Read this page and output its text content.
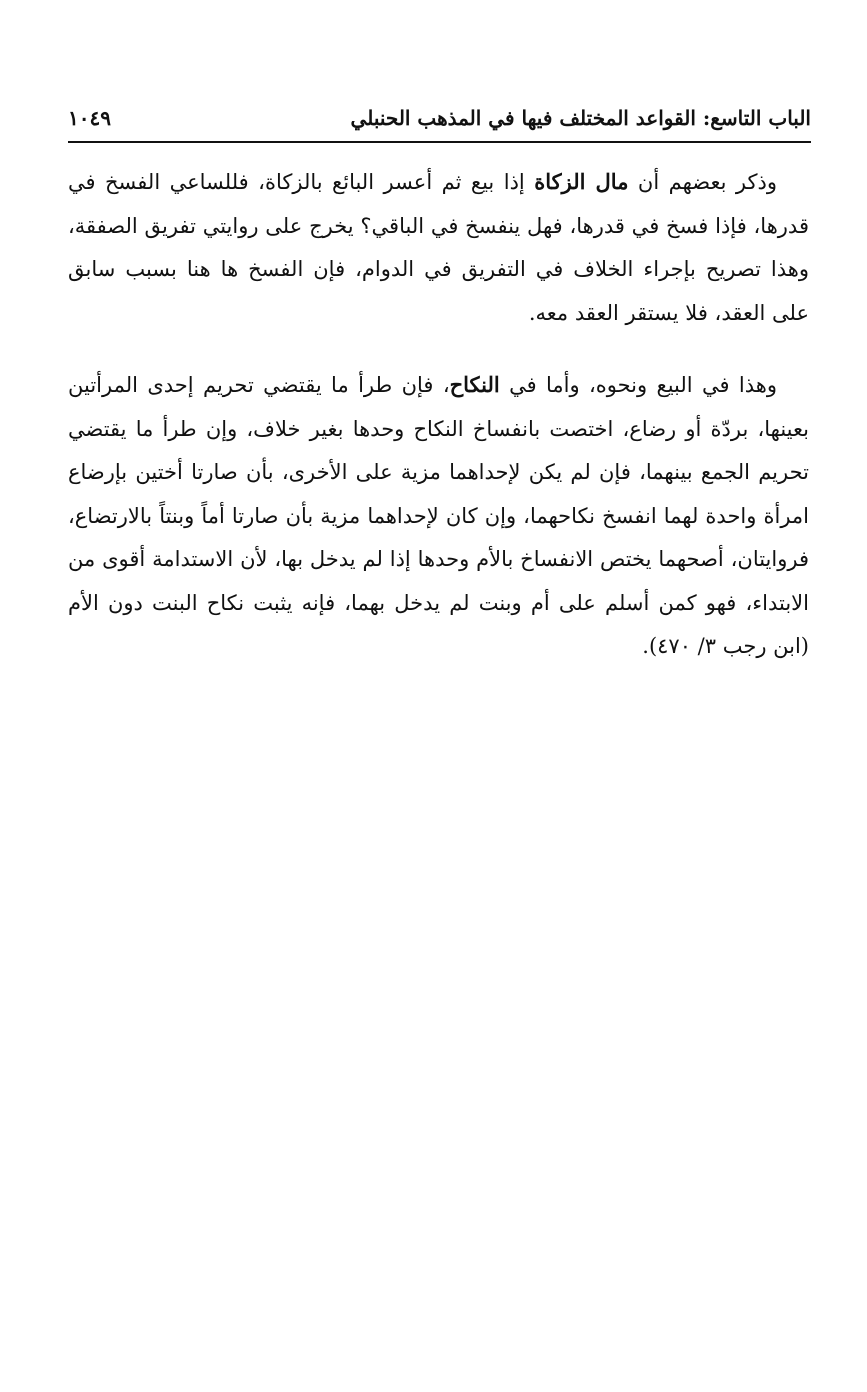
الباب التاسع: القواعد المختلف فيها في المذهب الحنبلي
١٠٤٩

وذكر بعضهم أن مال الزكاة إذا بيع ثم أعسر البائع بالزكاة، فللساعي الفسخ في قدرها، فإذا فسخ في قدرها، فهل ينفسخ في الباقي؟ يخرج على روايتي تفريق الصفقة، وهذا تصريح بإجراء الخلاف في التفريق في الدوام، فإن الفسخ ها هنا بسبب سابق على العقد، فلا يستقر العقد معه.

وهذا في البيع ونحوه، وأما في النكاح، فإن طرأ ما يقتضي تحريم إحدى المرأتين بعينها، بردّة أو رضاع، اختصت بانفساخ النكاح وحدها بغير خلاف، وإن طرأ ما يقتضي تحريم الجمع بينهما، فإن لم يكن لإحداهما مزية على الأخرى، بأن صارتا أختين بإرضاع امرأة واحدة لهما انفسخ نكاحهما، وإن كان لإحداهما مزية بأن صارتا أماً وبنتاً بالارتضاع، فروايتان، أصحهما يختص الانفساخ بالأم وحدها إذا لم يدخل بها، لأن الاستدامة أقوى من الابتداء، فهو كمن أسلم على أم وبنت لم يدخل بهما، فإنه يثبت نكاح البنت دون الأم (ابن رجب ٣/ ٤٧٠).
